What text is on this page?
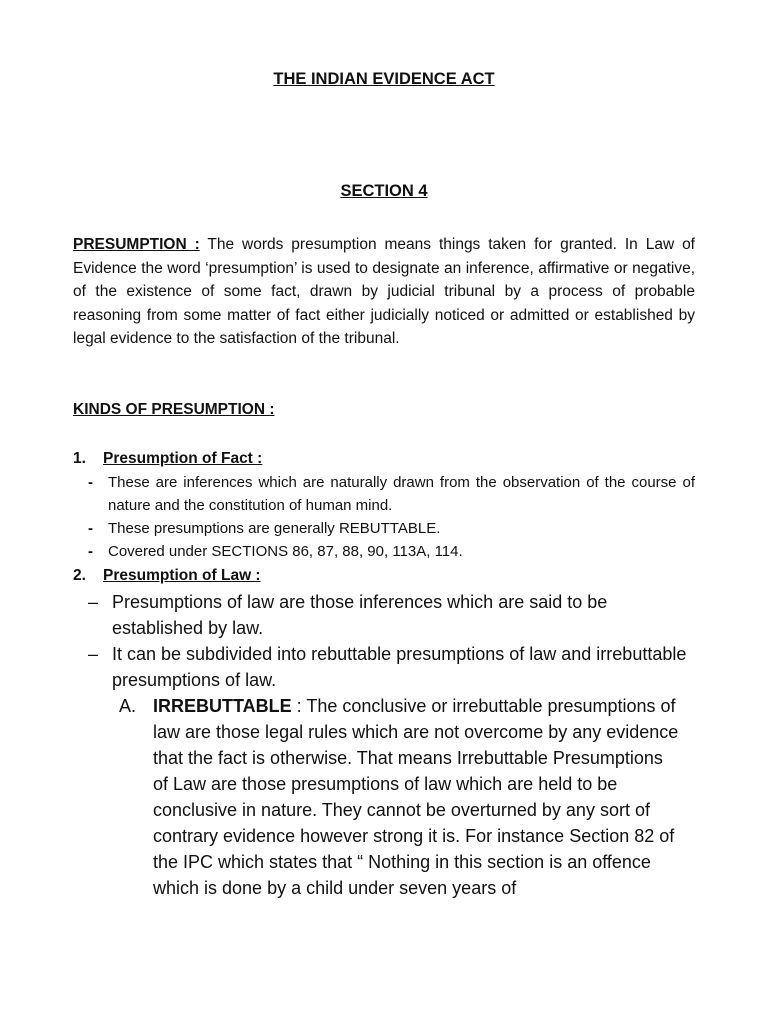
THE INDIAN EVIDENCE ACT
SECTION 4
PRESUMPTION : The words presumption means things taken for granted. In Law of Evidence the word ‘presumption’ is used to designate an inference, affirmative or negative, of the existence of some fact, drawn by judicial tribunal by a process of probable reasoning from some matter of fact either judicially noticed or admitted or established by legal evidence to the satisfaction of the tribunal.
KINDS OF PRESUMPTION :
1. Presumption of Fact :
-	These are inferences which are naturally drawn from the observation of the course of nature and the constitution of human mind.
-	These presumptions are generally REBUTTABLE.
-	Covered under SECTIONS 86, 87, 88, 90, 113A, 114.
2. Presumption of Law :
– Presumptions of law are those inferences which are said to be established by law.
– It can be subdivided into rebuttable presumptions of law and irrebuttable presumptions of law.
A. IRREBUTTABLE : The conclusive or irrebuttable presumptions of law are those legal rules which are not overcome by any evidence that the fact is otherwise. That means Irrebuttable Presumptions of Law are those presumptions of law which are held to be conclusive in nature. They cannot be overturned by any sort of contrary evidence however strong it is. For instance Section 82 of the IPC which states that “ Nothing in this section is an offence which is done by a child under seven years of
